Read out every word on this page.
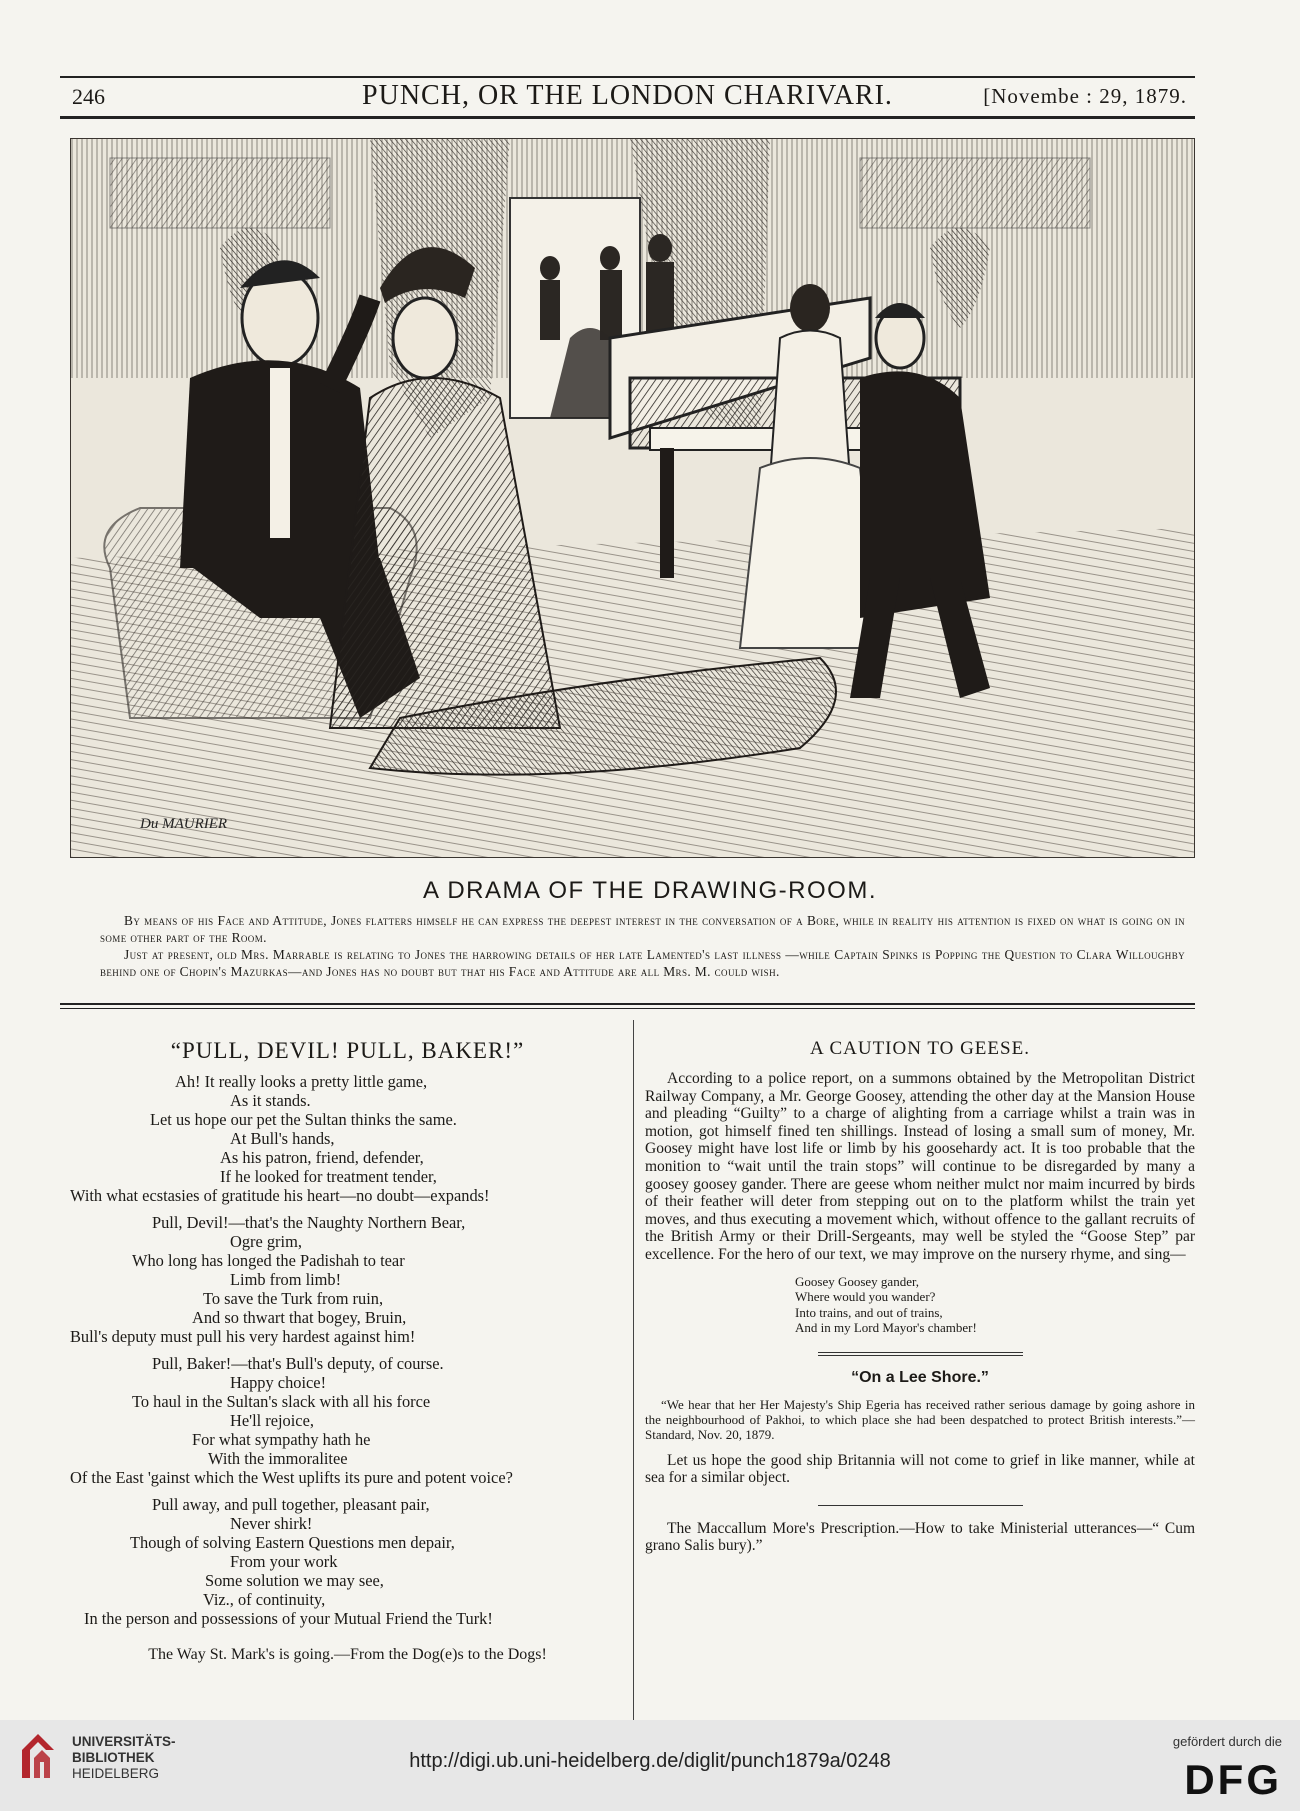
246	PUNCH, OR THE LONDON CHARIVARI.	[Novembe : 29, 1879.
Du MAURIER
A DRAMA OF THE DRAWING-ROOM.

By means of his Face and Attitude, Jones flatters himself he can express the deepest interest in the conversation of a Bore, while in reality his attention is fixed on what is going on in some other part of the Room.

Just at present, old Mrs. Marrable is relating to Jones the harrowing details of her late Lamented's last illness —while Captain Spinks is Popping the Question to Clara Willoughby behind one of Chopin's Mazurkas—and Jones has no doubt but that his Face and Attitude are all Mrs. M. could wish.

“PULL, DEVIL! PULL, BAKER!”
Ah! It really looks a pretty little game,
As it stands.
Let us hope our pet the Sultan thinks the same.
At Bull's hands,
As his patron, friend, defender,
If he looked for treatment tender,
With what ecstasies of gratitude his heart—no doubt—expands!
Pull, Devil!—that's the Naughty Northern Bear,
Ogre grim,
Who long has longed the Padishah to tear
Limb from limb!
To save the Turk from ruin,
And so thwart that bogey, Bruin,
Bull's deputy must pull his very hardest against him!
Pull, Baker!—that's Bull's deputy, of course.
Happy choice!
To haul in the Sultan's slack with all his force
He'll rejoice,
For what sympathy hath he
With the immoralitee
Of the East 'gainst which the West uplifts its pure and potent voice?
Pull away, and pull together, pleasant pair,
Never shirk!
Though of solving Eastern Questions men depair,
From your work
Some solution we may see,
Viz., of continuity,
In the person and possessions of your Mutual Friend the Turk!
The Way St. Mark's is going.—From the Dog(e)s to the Dogs!
A CAUTION TO GEESE.

According to a police report, on a summons obtained by the Metropolitan District Railway Company, a Mr. George Goosey, attending the other day at the Mansion House and pleading “Guilty” to a charge of alighting from a carriage whilst a train was in motion, got himself fined ten shillings. Instead of losing a small sum of money, Mr. Goosey might have lost life or limb by his goosehardy act. It is too probable that the monition to “wait until the train stops” will continue to be disregarded by many a goosey goosey gander. There are geese whom neither mulct nor maim incurred by birds of their feather will deter from stepping out on to the platform whilst the train yet moves, and thus executing a movement which, without offence to the gallant recruits of the British Army or their Drill-Sergeants, may well be styled the “Goose Step” par excellence. For the hero of our text, we may improve on the nursery rhyme, and sing—

Goosey Goosey gander,
Where would you wander?
Into trains, and out of trains,
And in my Lord Mayor's chamber!
“On a Lee Shore.”

“We hear that her Her Majesty's Ship Egeria has received rather serious damage by going ashore in the neighbourhood of Pakhoi, to which place she had been despatched to protect British interests.”—Standard, Nov. 20, 1879.

Let us hope the good ship Britannia will not come to grief in like manner, while at sea for a similar object.

The Maccallum More's Prescription.—How to take Ministerial utterances—“ Cum grano Salis bury).”

UNIVERSITÄTS-
BIBLIOTHEK
HEIDELBERG
http://digi.ub.uni-heidelberg.de/diglit/punch1879a/0248
gefördert durch die
DFG
